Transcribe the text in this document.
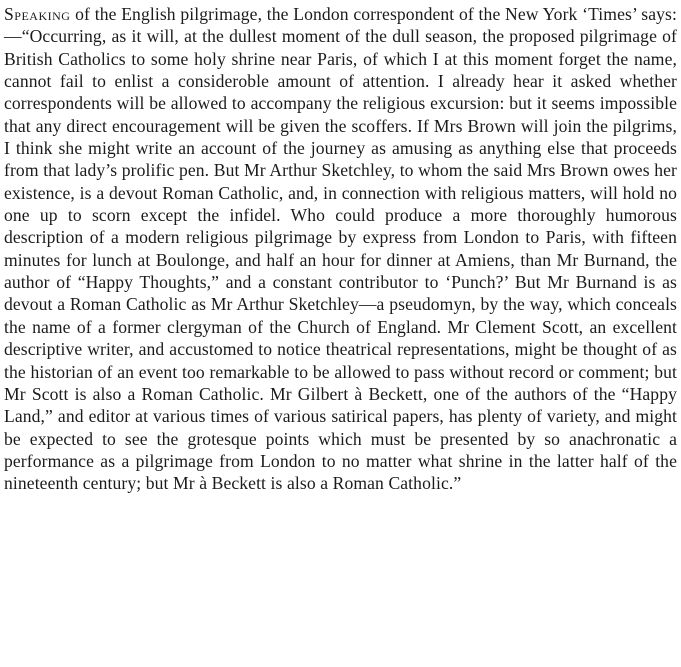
Speaking of the English pilgrimage, the London correspondent of the New York ‘Times’ says:—“Occurring, as it will, at the dullest moment of the dull season, the proposed pilgrimage of British Catholics to some holy shrine near Paris, of which I at this moment forget the name, cannot fail to enlist a consideroble amount of attention. I already hear it asked whether correspondents will be allowed to accompany the religious excursion: but it seems impossible that any direct encouragement will be given the scoffers. If Mrs Brown will join the pilgrims, I think she might write an account of the journey as amusing as anything else that proceeds from that lady’s prolific pen. But Mr Arthur Sketchley, to whom the said Mrs Brown owes her existence, is a devout Roman Catholic, and, in connection with religious matters, will hold no one up to scorn except the infidel. Who could produce a more thoroughly humorous description of a modern religious pilgrimage by express from London to Paris, with fifteen minutes for lunch at Boulonge, and half an hour for dinner at Amiens, than Mr Burnand, the author of “Happy Thoughts,” and a constant contributor to ‘Punch?’ But Mr Burnand is as devout a Roman Catholic as Mr Arthur Sketchley—a pseudomyn, by the way, which conceals the name of a former clergyman of the Church of England. Mr Clement Scott, an excellent descriptive writer, and accustomed to notice theatrical representations, might be thought of as the historian of an event too remarkable to be allowed to pass without record or comment; but Mr Scott is also a Roman Catholic. Mr Gilbert à Beckett, one of the authors of the “Happy Land,” and editor at various times of various satirical papers, has plenty of variety, and might be expected to see the grotesque points which must be presented by so anachronatic a performance as a pilgrimage from London to no matter what shrine in the latter half of the nineteenth century; but Mr à Beckett is also a Roman Catholic.”
